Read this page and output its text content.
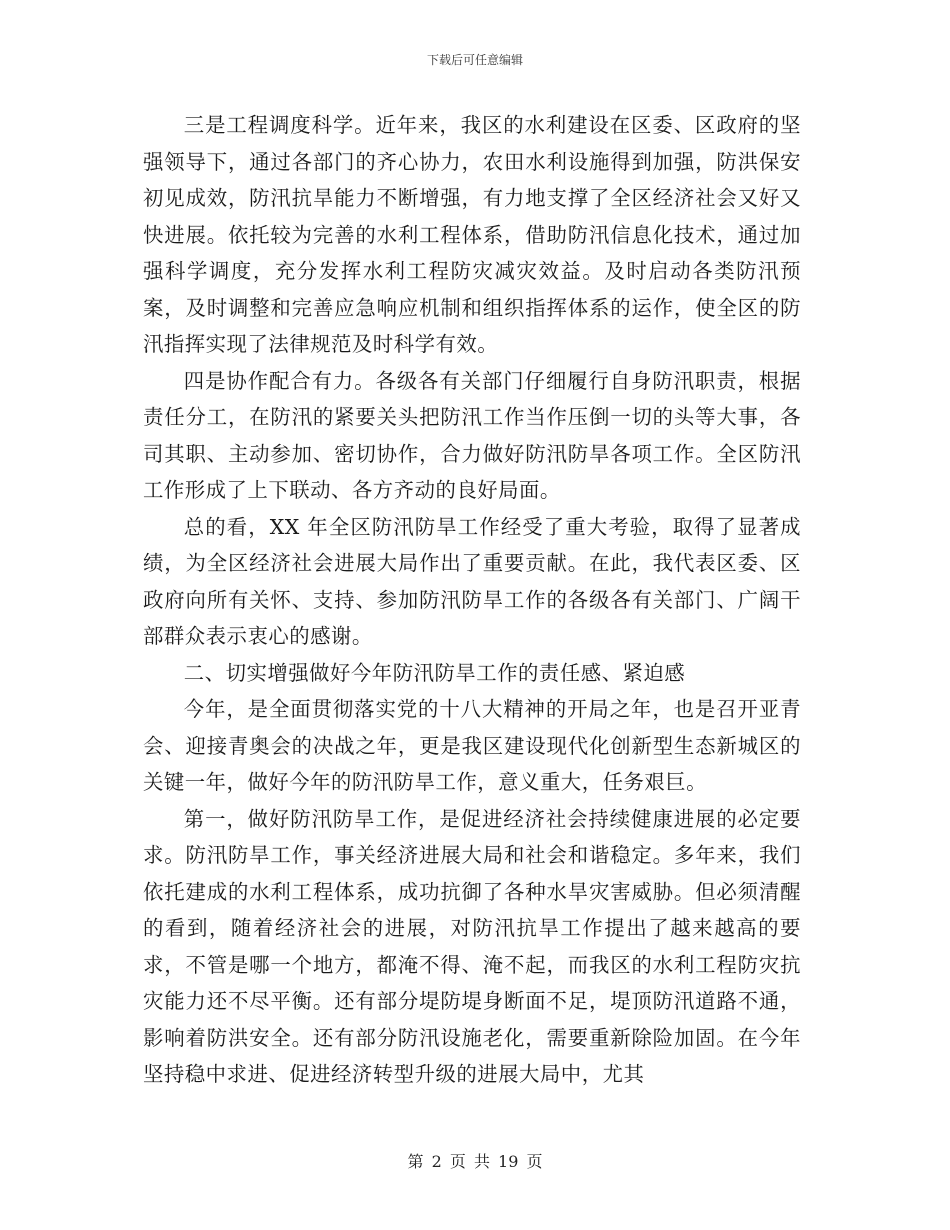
下载后可任意编辑

三是工程调度科学。近年来，我区的水利建设在区委、区政府的坚强领导下，通过各部门的齐心协力，农田水利设施得到加强，防洪保安初见成效，防汛抗旱能力不断增强，有力地支撑了全区经济社会又好又快进展。依托较为完善的水利工程体系，借助防汛信息化技术，通过加强科学调度，充分发挥水利工程防灾减灾效益。及时启动各类防汛预案，及时调整和完善应急响应机制和组织指挥体系的运作，使全区的防汛指挥实现了法律规范及时科学有效。

四是协作配合有力。各级各有关部门仔细履行自身防汛职责，根据责任分工，在防汛的紧要关头把防汛工作当作压倒一切的头等大事，各司其职、主动参加、密切协作，合力做好防汛防旱各项工作。全区防汛工作形成了上下联动、各方齐动的良好局面。

总的看，XX 年全区防汛防旱工作经受了重大考验，取得了显著成绩，为全区经济社会进展大局作出了重要贡献。在此，我代表区委、区政府向所有关怀、支持、参加防汛防旱工作的各级各有关部门、广阔干部群众表示衷心的感谢。

二、切实增强做好今年防汛防旱工作的责任感、紧迫感

今年，是全面贯彻落实党的十八大精神的开局之年，也是召开亚青会、迎接青奥会的决战之年，更是我区建设现代化创新型生态新城区的关键一年，做好今年的防汛防旱工作，意义重大，任务艰巨。

第一，做好防汛防旱工作，是促进经济社会持续健康进展的必定要求。防汛防旱工作，事关经济进展大局和社会和谐稳定。多年来，我们依托建成的水利工程体系，成功抗御了各种水旱灾害威胁。但必须清醒的看到，随着经济社会的进展，对防汛抗旱工作提出了越来越高的要求，不管是哪一个地方，都淹不得、淹不起，而我区的水利工程防灾抗灾能力还不尽平衡。还有部分堤防堤身断面不足，堤顶防汛道路不通，影响着防洪安全。还有部分防汛设施老化，需要重新除险加固。在今年坚持稳中求进、促进经济转型升级的进展大局中，尤其

第 2 页 共 19 页
